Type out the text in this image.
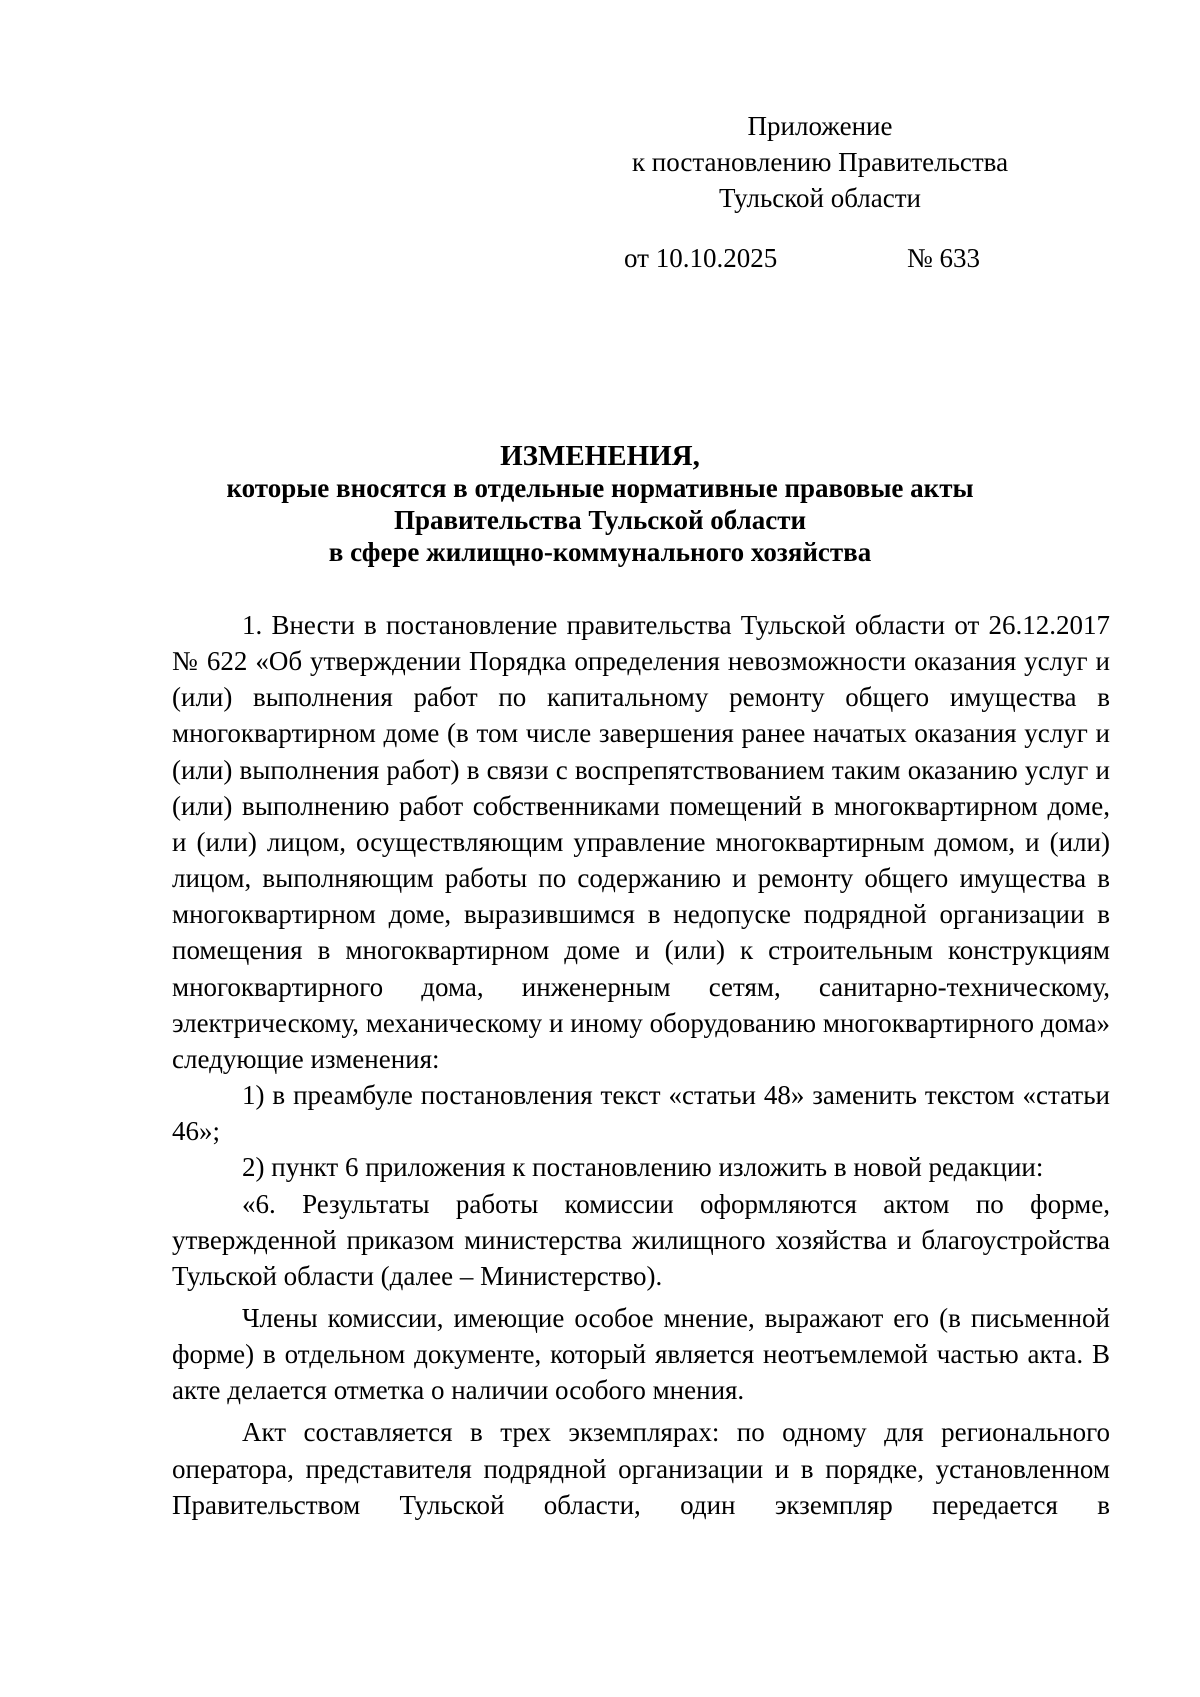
Приложение
к постановлению Правительства
Тульской области
от 10.10.2025	№ 633
ИЗМЕНЕНИЯ,
которые вносятся в отдельные нормативные правовые акты
Правительства Тульской области
в сфере жилищно-коммунального хозяйства

1. Внести в постановление правительства Тульской области от 26.12.2017 № 622 «Об утверждении Порядка определения невозможности оказания услуг и (или) выполнения работ по капитальному ремонту общего имущества в многоквартирном доме (в том числе завершения ранее начатых оказания услуг и (или) выполнения работ) в связи с воспрепятствованием таким оказанию услуг и (или) выполнению работ собственниками помещений в многоквартирном доме, и (или) лицом, осуществляющим управление многоквартирным домом, и (или) лицом, выполняющим работы по содержанию и ремонту общего имущества в многоквартирном доме, выразившимся в недопуске подрядной организации в помещения в многоквартирном доме и (или) к строительным конструкциям многоквартирного дома, инженерным сетям, санитарно-техническому, электрическому, механическому и иному оборудованию многоквартирного дома» следующие изменения:

1) в преамбуле постановления текст «статьи 48» заменить текстом «статьи 46»;

2) пункт 6 приложения к постановлению изложить в новой редакции:

«6. Результаты работы комиссии оформляются актом по форме, утвержденной приказом министерства жилищного хозяйства и благоустройства Тульской области (далее – Министерство).

Члены комиссии, имеющие особое мнение, выражают его (в письменной форме) в отдельном документе, который является неотъемлемой частью акта. В акте делается отметка о наличии особого мнения.

Акт составляется в трех экземплярах: по одному для регионального оператора, представителя подрядной организации и в порядке, установленном Правительством Тульской области, один экземпляр передается в
